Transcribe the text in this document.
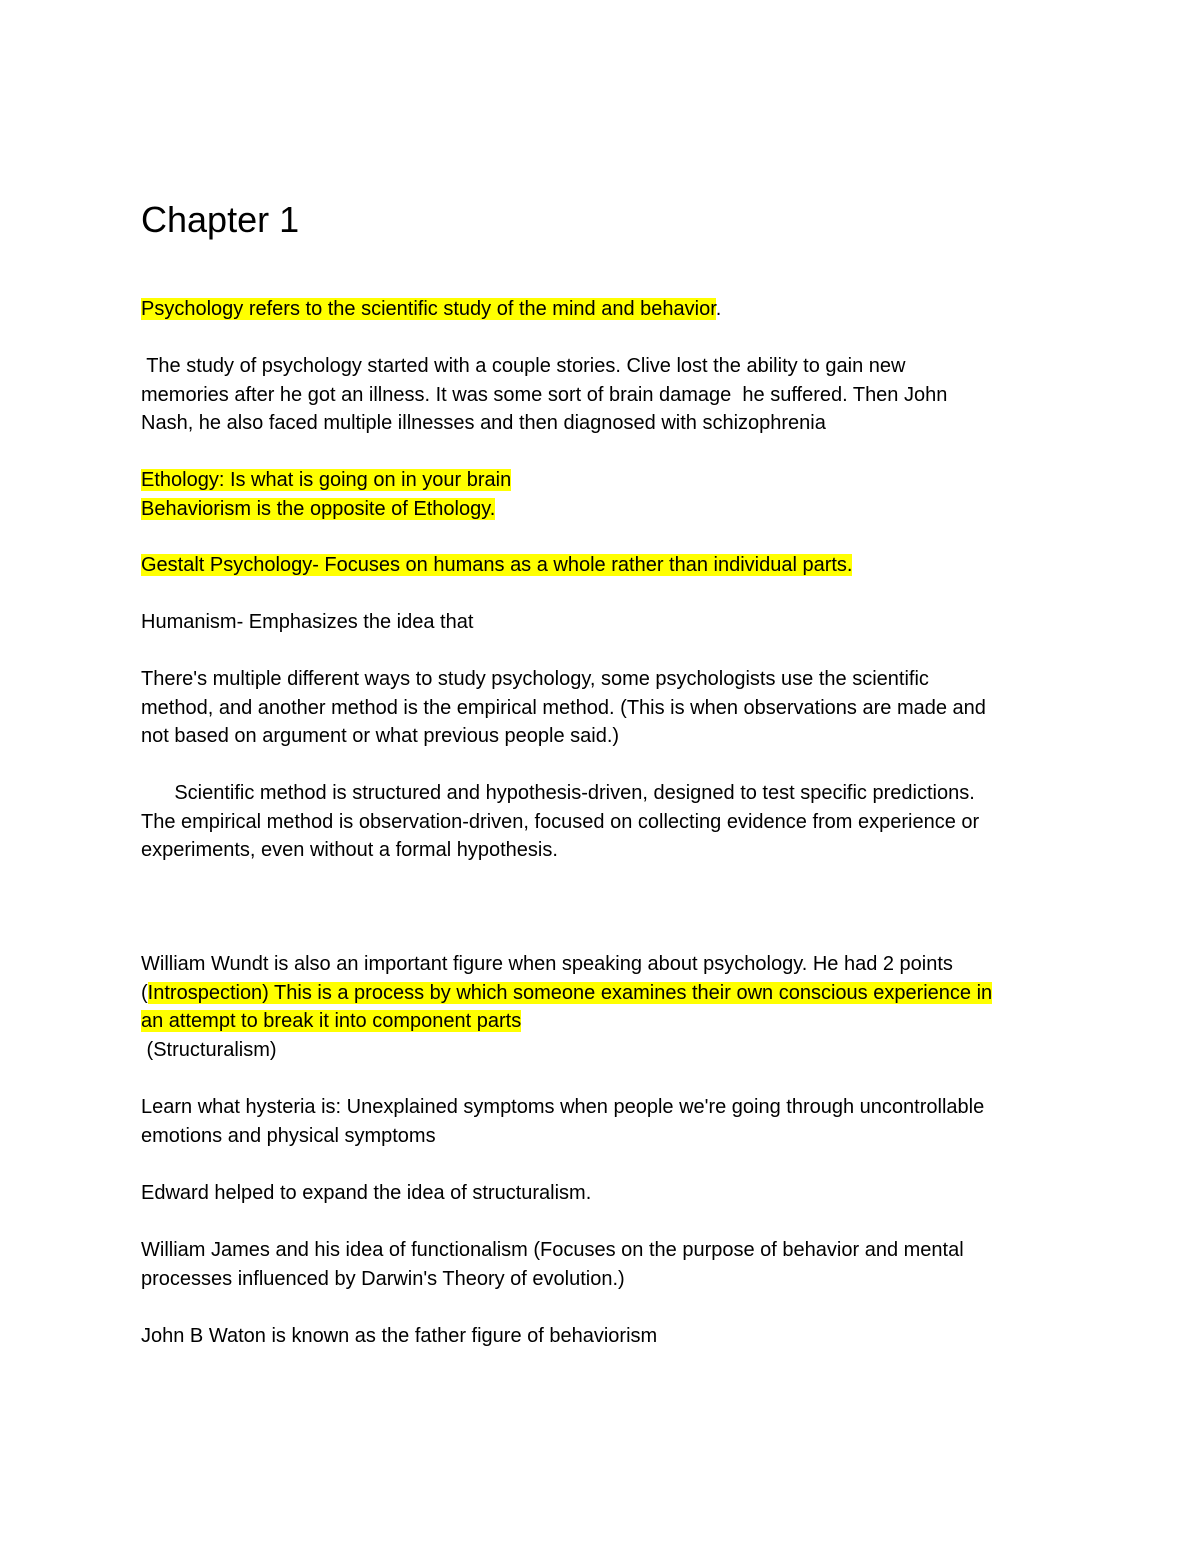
Chapter 1

Psychology refers to the scientific study of the mind and behavior.

The study of psychology started with a couple stories. Clive lost the ability to gain new
memories after he got an illness. It was some sort of brain damage  he suffered. Then John
Nash, he also faced multiple illnesses and then diagnosed with schizophrenia

Ethology: Is what is going on in your brain
Behaviorism is the opposite of Ethology.

Gestalt Psychology- Focuses on humans as a whole rather than individual parts.

Humanism- Emphasizes the idea that

There's multiple different ways to study psychology, some psychologists use the scientific
method, and another method is the empirical method. (This is when observations are made and
not based on argument or what previous people said.)

Scientific method is structured and hypothesis-driven, designed to test specific predictions.
The empirical method is observation-driven, focused on collecting evidence from experience or
experiments, even without a formal hypothesis.

William Wundt is also an important figure when speaking about psychology. He had 2 points
(Introspection) This is a process by which someone examines their own conscious experience in
an attempt to break it into component parts
(Structuralism)

Learn what hysteria is: Unexplained symptoms when people we're going through uncontrollable
emotions and physical symptoms

Edward helped to expand the idea of structuralism.

William James and his idea of functionalism (Focuses on the purpose of behavior and mental
processes influenced by Darwin's Theory of evolution.)

John B Waton is known as the father figure of behaviorism
